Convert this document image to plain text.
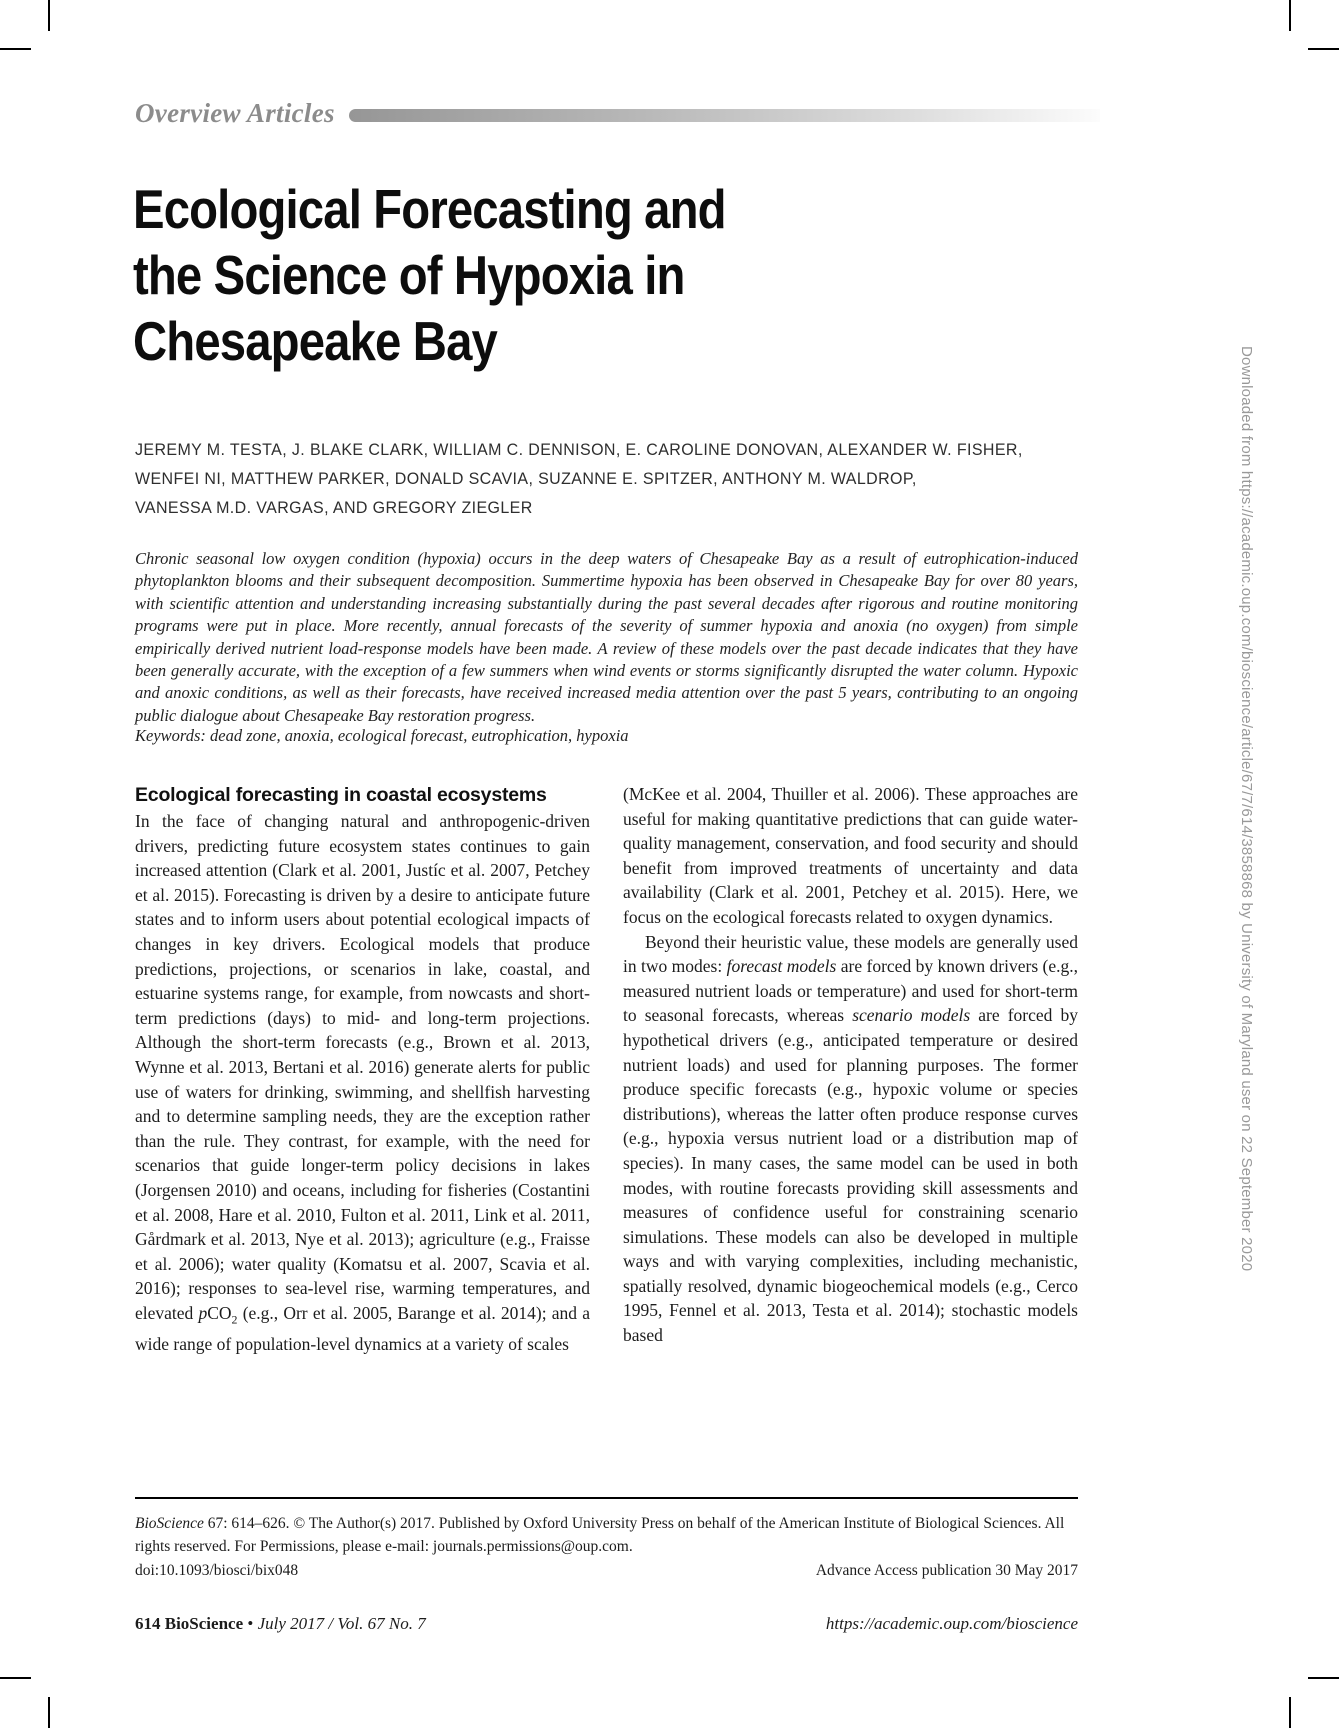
Overview Articles
Ecological Forecasting and
the Science of Hypoxia in
Chesapeake Bay
JEREMY M. TESTA, J. BLAKE CLARK, WILLIAM C. DENNISON, E. CAROLINE DONOVAN, ALEXANDER W. FISHER,
WENFEI NI, MATTHEW PARKER, DONALD SCAVIA, SUZANNE E. SPITZER, ANTHONY M. WALDROP,
VANESSA M.D. VARGAS, AND GREGORY ZIEGLER
Chronic seasonal low oxygen condition (hypoxia) occurs in the deep waters of Chesapeake Bay as a result of eutrophication-induced phytoplankton blooms and their subsequent decomposition. Summertime hypoxia has been observed in Chesapeake Bay for over 80 years, with scientific attention and understanding increasing substantially during the past several decades after rigorous and routine monitoring programs were put in place. More recently, annual forecasts of the severity of summer hypoxia and anoxia (no oxygen) from simple empirically derived nutrient load-response models have been made. A review of these models over the past decade indicates that they have been generally accurate, with the exception of a few summers when wind events or storms significantly disrupted the water column. Hypoxic and anoxic conditions, as well as their forecasts, have received increased media attention over the past 5 years, contributing to an ongoing public dialogue about Chesapeake Bay restoration progress.
Keywords: dead zone, anoxia, ecological forecast, eutrophication, hypoxia
Ecological forecasting in coastal ecosystems
In the face of changing natural and anthropogenic-driven drivers, predicting future ecosystem states continues to gain increased attention (Clark et al. 2001, Justíc et al. 2007, Petchey et al. 2015). Forecasting is driven by a desire to anticipate future states and to inform users about potential ecological impacts of changes in key drivers. Ecological models that produce predictions, projections, or scenarios in lake, coastal, and estuarine systems range, for example, from nowcasts and short-term predictions (days) to mid- and long-term projections. Although the short-term forecasts (e.g., Brown et al. 2013, Wynne et al. 2013, Bertani et al. 2016) generate alerts for public use of waters for drinking, swimming, and shellfish harvesting and to determine sampling needs, they are the exception rather than the rule. They contrast, for example, with the need for scenarios that guide longer-term policy decisions in lakes (Jorgensen 2010) and oceans, including for fisheries (Costantini et al. 2008, Hare et al. 2010, Fulton et al. 2011, Link et al. 2011, Gårdmark et al. 2013, Nye et al. 2013); agriculture (e.g., Fraisse et al. 2006); water quality (Komatsu et al. 2007, Scavia et al. 2016); responses to sea-level rise, warming temperatures, and elevated pCO$_2$ (e.g., Orr et al. 2005, Barange et al. 2014); and a wide range of population-level dynamics at a variety of scales
(McKee et al. 2004, Thuiller et al. 2006). These approaches are useful for making quantitative predictions that can guide water-quality management, conservation, and food security and should benefit from improved treatments of uncertainty and data availability (Clark et al. 2001, Petchey et al. 2015). Here, we focus on the ecological forecasts related to oxygen dynamics.
Beyond their heuristic value, these models are generally used in two modes: forecast models are forced by known drivers (e.g., measured nutrient loads or temperature) and used for short-term to seasonal forecasts, whereas scenario models are forced by hypothetical drivers (e.g., anticipated temperature or desired nutrient loads) and used for planning purposes. The former produce specific forecasts (e.g., hypoxic volume or species distributions), whereas the latter often produce response curves (e.g., hypoxia versus nutrient load or a distribution map of species). In many cases, the same model can be used in both modes, with routine forecasts providing skill assessments and measures of confidence useful for constraining scenario simulations. These models can also be developed in multiple ways and with varying complexities, including mechanistic, spatially resolved, dynamic biogeochemical models (e.g., Cerco 1995, Fennel et al. 2013, Testa et al. 2014); stochastic models based
BioScience 67: 614–626. © The Author(s) 2017. Published by Oxford University Press on behalf of the American Institute of Biological Sciences. All rights reserved. For Permissions, please e-mail: journals.permissions@oup.com.
doi:10.1093/biosci/bix048	Advance Access publication 30 May 2017
614 BioScience • July 2017 / Vol. 67 No. 7	https://academic.oup.com/bioscience
Downloaded from https://academic.oup.com/bioscience/article/67/7/614/3858868 by University of Maryland user on 22 September 2020
